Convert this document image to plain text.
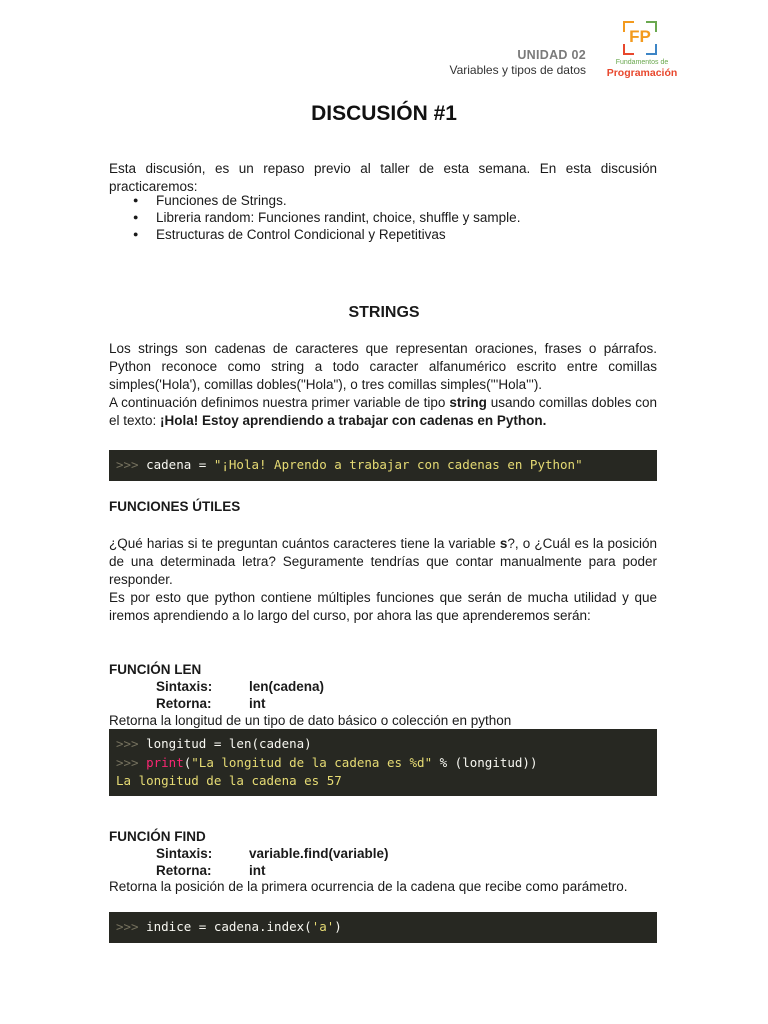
UNIDAD 02
Variables y tipos de datos
FP
Fundamentos de
Programación
DISCUSIÓN #1
Esta discusión, es un repaso previo al taller de esta semana. En esta discusión practicaremos:
● Funciones de Strings.
● Libreria random: Funciones randint, choice, shuffle y sample.
● Estructuras de Control Condicional y Repetitivas
STRINGS
Los strings son cadenas de caracteres que representan oraciones, frases o párrafos. Python reconoce como string a todo caracter alfanumérico escrito entre comillas simples('Hola'), comillas dobles("Hola"), o tres comillas simples('''Hola''').
A continuación definimos nuestra primer variable de tipo string usando comillas dobles con el texto: ¡Hola! Estoy aprendiendo a trabajar con cadenas en Python.
>>> cadena = "¡Hola! Aprendo a trabajar con cadenas en Python"
FUNCIONES ÚTILES
¿Qué harias si te preguntan cuántos caracteres tiene la variable s?, o ¿Cuál es la posición de una determinada letra? Seguramente tendrías que contar manualmente para poder responder.
Es por esto que python contiene múltiples funciones que serán de mucha utilidad y que iremos aprendiendo a lo largo del curso, por ahora las que aprenderemos serán:
FUNCIÓN LEN
Sintaxis:	len(cadena)
Retorna:	int
Retorna la longitud de un tipo de dato básico o colección en python
>>> longitud = len(cadena)
>>> print("La longitud de la cadena es %d" % (longitud))
La longitud de la cadena es 57
FUNCIÓN FIND
Sintaxis:	variable.find(variable)
Retorna:	int
Retorna la posición de la primera ocurrencia de la cadena que recibe como parámetro.
>>> indice = cadena.index('a')
